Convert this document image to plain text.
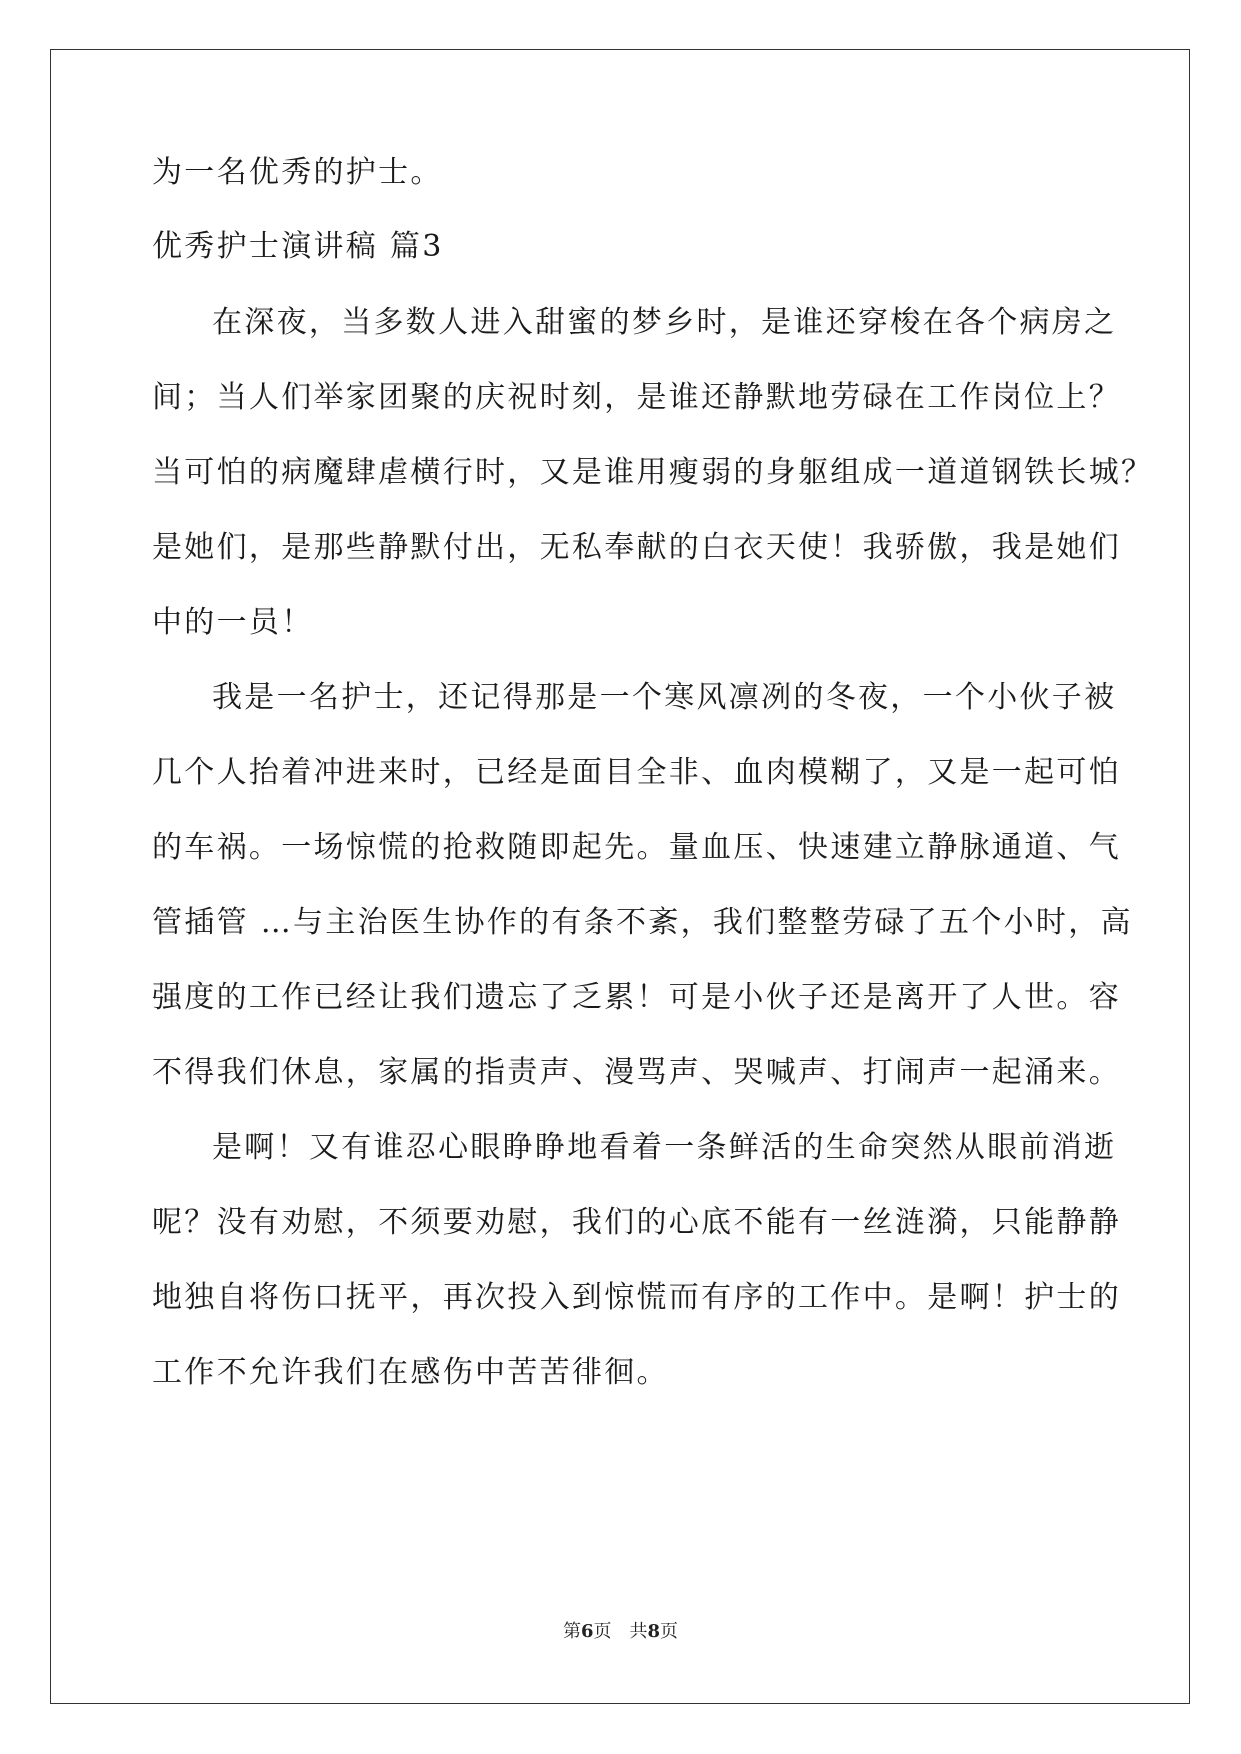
为一名优秀的护士。
优秀护士演讲稿 篇3
在深夜，当多数人进入甜蜜的梦乡时，是谁还穿梭在各个病房之
间；当人们举家团聚的庆祝时刻，是谁还静默地劳碌在工作岗位上？
当可怕的病魔肆虐横行时，又是谁用瘦弱的身躯组成一道道钢铁长城？
是她们，是那些静默付出，无私奉献的白衣天使！我骄傲，我是她们
中的一员！
我是一名护士，还记得那是一个寒风凛冽的冬夜，一个小伙子被
几个人抬着冲进来时，已经是面目全非、血肉模糊了，又是一起可怕
的车祸。一场惊慌的抢救随即起先。量血压、快速建立静脉通道、气
管插管 …与主治医生协作的有条不紊，我们整整劳碌了五个小时，高
强度的工作已经让我们遗忘了乏累！可是小伙子还是离开了人世。容
不得我们休息，家属的指责声、漫骂声、哭喊声、打闹声一起涌来。
是啊！又有谁忍心眼睁睁地看着一条鲜活的生命突然从眼前消逝
呢？没有劝慰，不须要劝慰，我们的心底不能有一丝涟漪，只能静静
地独自将伤口抚平，再次投入到惊慌而有序的工作中。是啊！护士的
工作不允许我们在感伤中苦苦徘徊。
第6页　共8页
